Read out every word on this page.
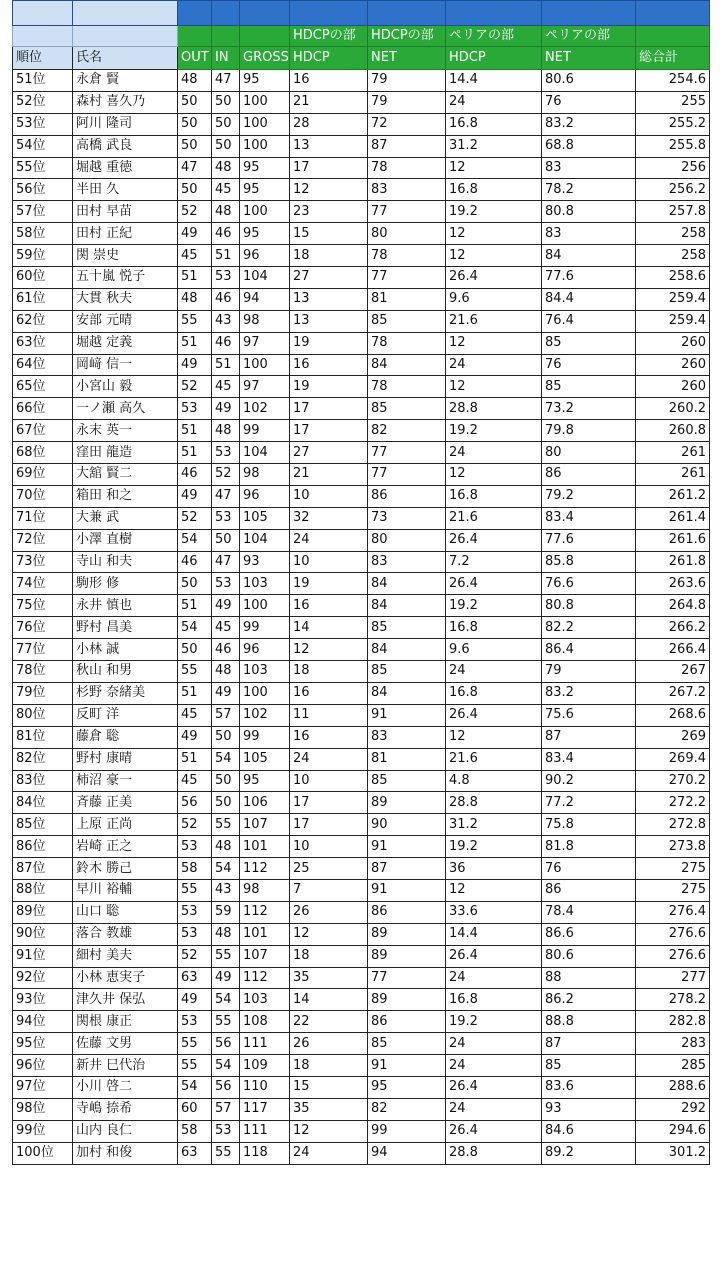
					HDCPの部	HDCPの部	ペリアの部	ペリアの部	
順位	氏名	OUT	IN	GROSS	HDCP	NET	HDCP	NET	総合計
51位	永倉 賢	48	47	95	16	79	14.4	80.6	254.6
52位	森村 喜久乃	50	50	100	21	79	24	76	255
53位	阿川 隆司	50	50	100	28	72	16.8	83.2	255.2
54位	高橋 武良	50	50	100	13	87	31.2	68.8	255.8
55位	堀越 重徳	47	48	95	17	78	12	83	256
56位	半田 久	50	45	95	12	83	16.8	78.2	256.2
57位	田村 早苗	52	48	100	23	77	19.2	80.8	257.8
58位	田村 正紀	49	46	95	15	80	12	83	258
59位	関 崇史	45	51	96	18	78	12	84	258
60位	五十嵐 悦子	51	53	104	27	77	26.4	77.6	258.6
61位	大貫 秋夫	48	46	94	13	81	9.6	84.4	259.4
62位	安部 元晴	55	43	98	13	85	21.6	76.4	259.4
63位	堀越 定義	51	46	97	19	78	12	85	260
64位	岡﨑 信一	49	51	100	16	84	24	76	260
65位	小宮山 毅	52	45	97	19	78	12	85	260
66位	一ノ瀬 高久	53	49	102	17	85	28.8	73.2	260.2
67位	永末 英一	51	48	99	17	82	19.2	79.8	260.8
68位	窪田 龍造	51	53	104	27	77	24	80	261
69位	大舘 賢二	46	52	98	21	77	12	86	261
70位	箱田 和之	49	47	96	10	86	16.8	79.2	261.2
71位	大兼 武	52	53	105	32	73	21.6	83.4	261.4
72位	小澤 直樹	54	50	104	24	80	26.4	77.6	261.6
73位	寺山 和夫	46	47	93	10	83	7.2	85.8	261.8
74位	駒形 修	50	53	103	19	84	26.4	76.6	263.6
75位	永井 慎也	51	49	100	16	84	19.2	80.8	264.8
76位	野村 昌美	54	45	99	14	85	16.8	82.2	266.2
77位	小林 誠	50	46	96	12	84	9.6	86.4	266.4
78位	秋山 和男	55	48	103	18	85	24	79	267
79位	杉野 奈緒美	51	49	100	16	84	16.8	83.2	267.2
80位	反町 洋	45	57	102	11	91	26.4	75.6	268.6
81位	藤倉 聡	49	50	99	16	83	12	87	269
82位	野村 康晴	51	54	105	24	81	21.6	83.4	269.4
83位	柿沼 豪一	45	50	95	10	85	4.8	90.2	270.2
84位	斉藤 正美	56	50	106	17	89	28.8	77.2	272.2
85位	上原 正尚	52	55	107	17	90	31.2	75.8	272.8
86位	岩崎 正之	53	48	101	10	91	19.2	81.8	273.8
87位	鈴木 勝己	58	54	112	25	87	36	76	275
88位	早川 裕輔	55	43	98	7	91	12	86	275
89位	山口 聡	53	59	112	26	86	33.6	78.4	276.4
90位	落合 教雄	53	48	101	12	89	14.4	86.6	276.6
91位	細村 美夫	52	55	107	18	89	26.4	80.6	276.6
92位	小林 恵実子	63	49	112	35	77	24	88	277
93位	津久井 保弘	49	54	103	14	89	16.8	86.2	278.2
94位	関根 康正	53	55	108	22	86	19.2	88.8	282.8
95位	佐藤 文男	55	56	111	26	85	24	87	283
96位	新井 巳代治	55	54	109	18	91	24	85	285
97位	小川 啓二	54	56	110	15	95	26.4	83.6	288.6
98位	寺嶋 捺希	60	57	117	35	82	24	93	292
99位	山内 良仁	58	53	111	12	99	26.4	84.6	294.6
100位	加村 和俊	63	55	118	24	94	28.8	89.2	301.2
